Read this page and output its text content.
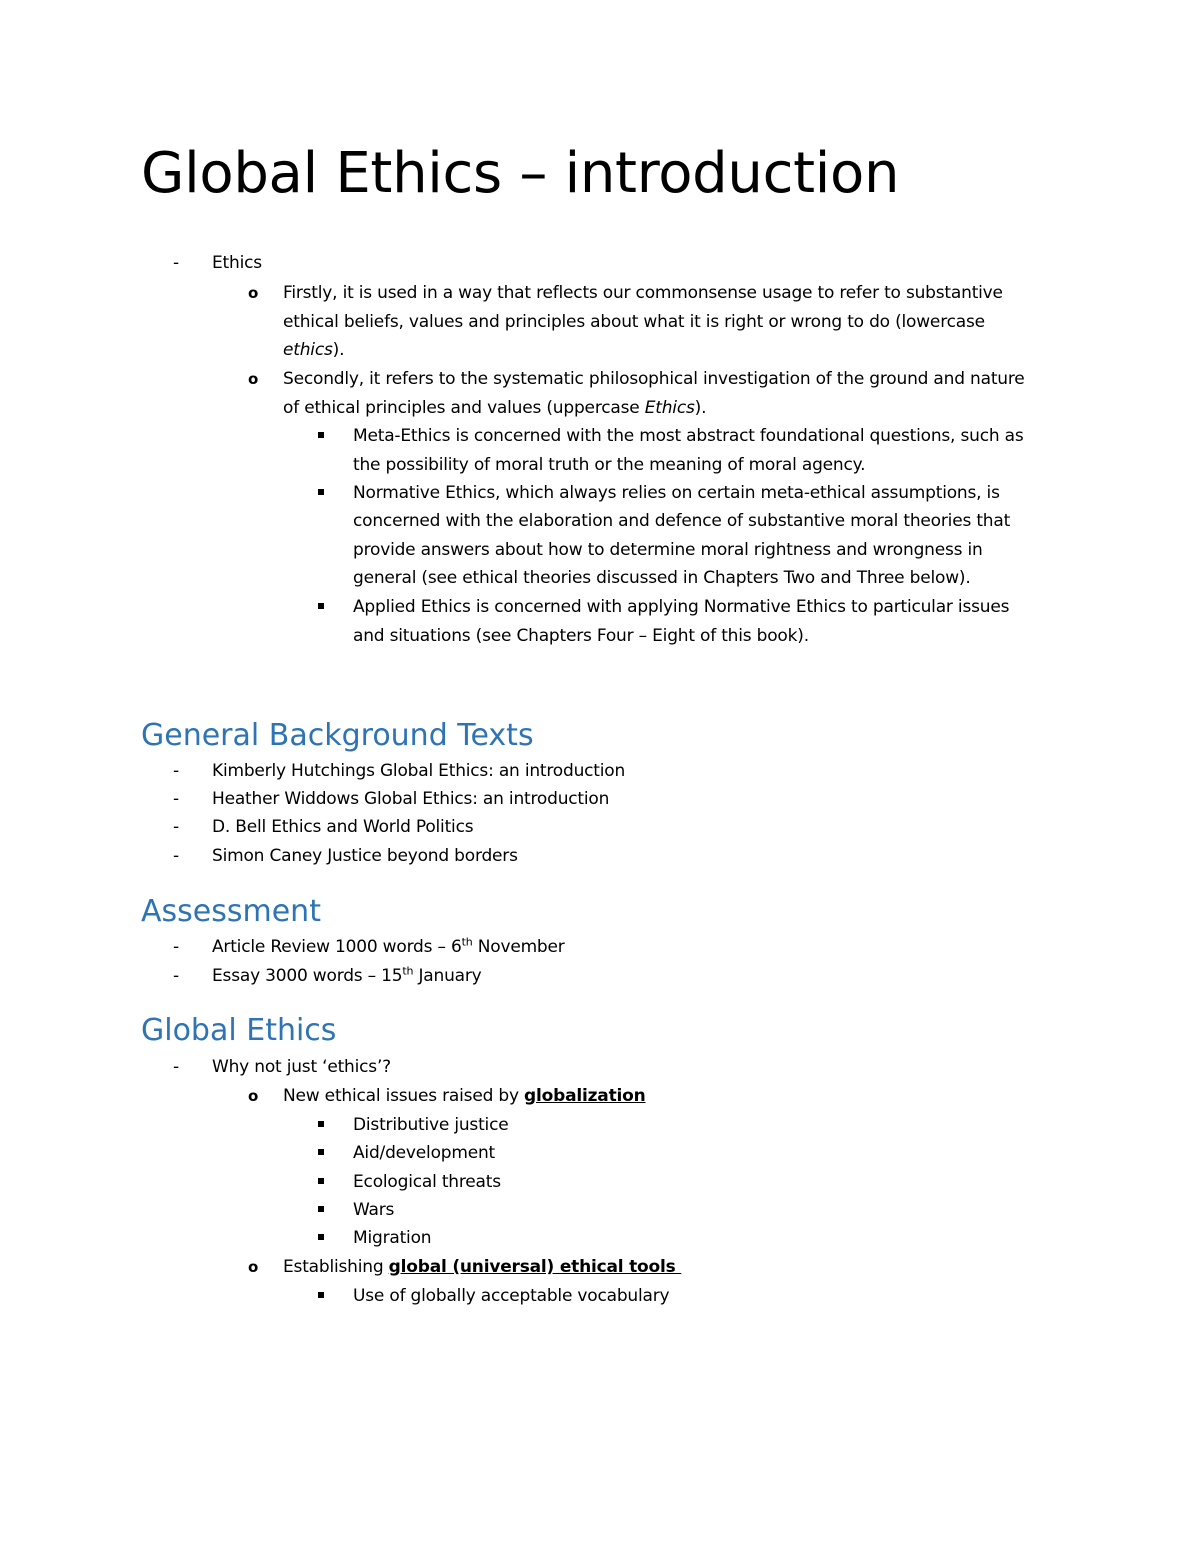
Global Ethics – introduction
- Ethics
o Firstly, it is used in a way that reflects our commonsense usage to refer to substantive
ethical beliefs, values and principles about what it is right or wrong to do (lowercase
ethics).
o Secondly, it refers to the systematic philosophical investigation of the ground and nature
of ethical principles and values (uppercase Ethics).
Meta-Ethics is concerned with the most abstract foundational questions, such as
the possibility of moral truth or the meaning of moral agency.
Normative Ethics, which always relies on certain meta-ethical assumptions, is
concerned with the elaboration and defence of substantive moral theories that
provide answers about how to determine moral rightness and wrongness in
general (see ethical theories discussed in Chapters Two and Three below).
Applied Ethics is concerned with applying Normative Ethics to particular issues
and situations (see Chapters Four – Eight of this book).
General Background Texts
- Kimberly Hutchings Global Ethics: an introduction
- Heather Widdows Global Ethics: an introduction
- D. Bell Ethics and World Politics
- Simon Caney Justice beyond borders
Assessment
- Article Review 1000 words – 6th November
- Essay 3000 words – 15th January
Global Ethics
- Why not just ‘ethics’?
o New ethical issues raised by globalization
Distributive justice
Aid/development
Ecological threats
Wars
Migration
o Establishing global (universal) ethical tools
Use of globally acceptable vocabulary
